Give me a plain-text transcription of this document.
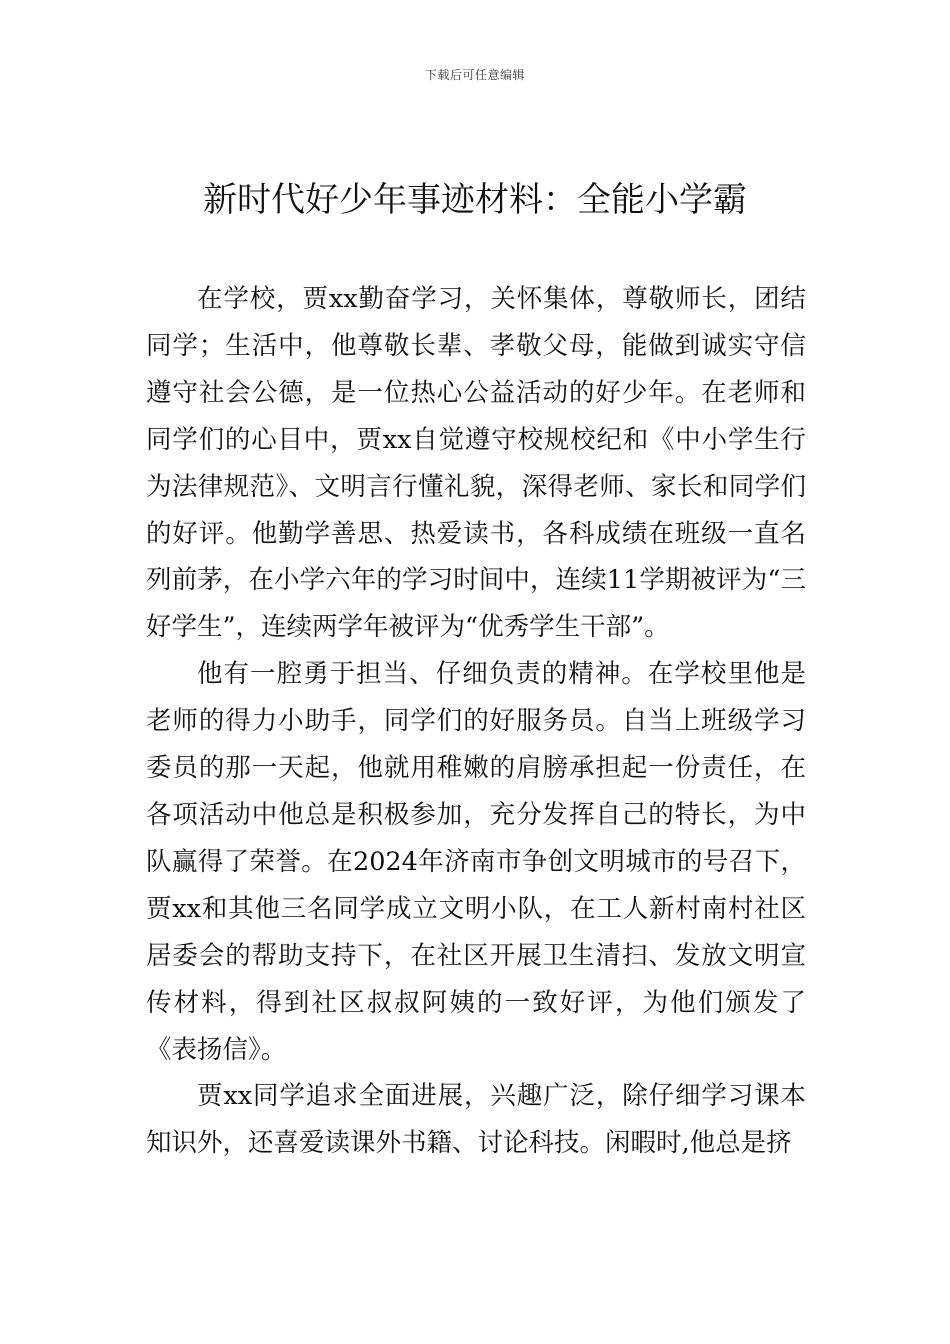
下载后可任意编辑
新时代好少年事迹材料：全能小学霸

在学校，贾xx勤奋学习，关怀集体，尊敬师长，团结同学；生活中，他尊敬长辈、孝敬父母，能做到诚实守信遵守社会公德，是一位热心公益活动的好少年。在老师和同学们的心目中，贾xx自觉遵守校规校纪和《中小学生行为法律规范》、文明言行懂礼貌，深得老师、家长和同学们的好评。他勤学善思、热爱读书，各科成绩在班级一直名列前茅，在小学六年的学习时间中，连续11学期被评为“三好学生”，连续两学年被评为“优秀学生干部”。

他有一腔勇于担当、仔细负责的精神。在学校里他是老师的得力小助手，同学们的好服务员。自当上班级学习委员的那一天起，他就用稚嫩的肩膀承担起一份责任，在各项活动中他总是积极参加，充分发挥自己的特长，为中队赢得了荣誉。在2024年济南市争创文明城市的号召下，贾xx和其他三名同学成立文明小队，在工人新村南村社区居委会的帮助支持下，在社区开展卫生清扫、发放文明宣传材料，得到社区叔叔阿姨的一致好评，为他们颁发了《表扬信》。

贾xx同学追求全面进展，兴趣广泛，除仔细学习课本知识外，还喜爱读课外书籍、讨论科技。闲暇时,他总是挤
